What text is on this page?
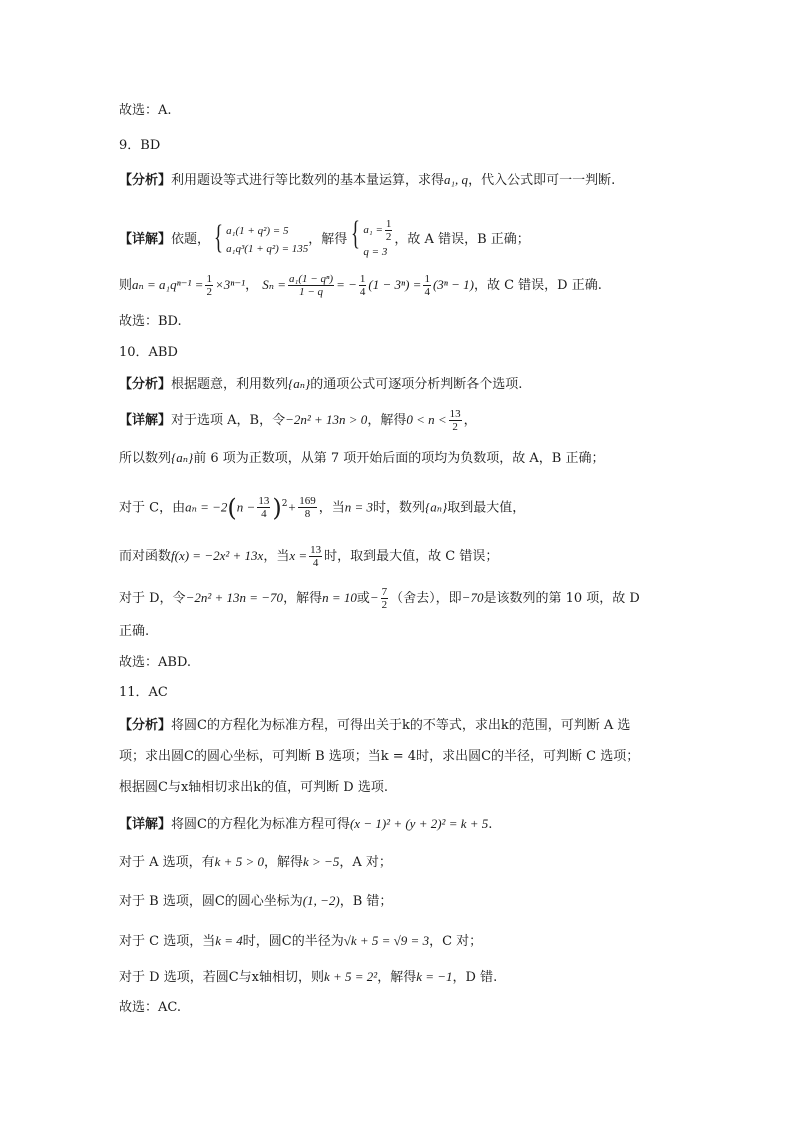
故选：A.
9．BD
【分析】利用题设等式进行等比数列的基本量运算，求得a₁, q，代入公式即可一一判断.
【详解】依题， { a₁(1 + q²) = 5
a₁q³(1 + q²) = 135
，解得 { $a_1 = \frac{1}{2}$
q = 3
，故 A 错误，B 正确；
则$a_n = a_1q^{n-1} = \frac{1}{2} \times 3^{n-1}$， $S_n = \frac{\text{a₁(1 − qⁿ)}}{1 - q}$ = − $\frac{1}{4} (1 - 3^n) = \frac{1}{4} (3^n - 1)$，故 C 错误，D 正确.
故选：BD.
10．ABD
【分析】根据题意，利用数列{aₙ}的通项公式可逐项分析判断各个选项.
【详解】对于选项 A，B，令−2n² + 13n > 0，解得$0 < n < \frac{13}{2}$ ，
所以数列{aₙ}前 6 项为正数项，从第 7 项开始后面的项均为负数项，故 A，B 正确；
对于 C，由$a_n = -2(n - \frac{13}{4} )^2+ \frac{169}{8}$ ，当n = 3时，数列{aₙ}取到最大值，
而对函数f(x) = −2x² + 13x，当$x = \frac{13}{4}$ 时，取到最大值，故 C 错误；
对于 D，令−2n² + 13n = −70，解得n = 10或− $\frac{7}{2}$ （舍去），即−70是该数列的第 10 项，故 D
正确.
故选：ABD.
11．AC
【分析】将圆C的方程化为标准方程，可得出关于k的不等式，求出k的范围，可判断 A 选
项；求出圆C的圆心坐标，可判断 B 选项；当k = 4时，求出圆C的半径，可判断 C 选项；
根据圆C与x轴相切求出k的值，可判断 D 选项.
【详解】将圆C的方程化为标准方程可得(x − 1)² + (y + 2)² = k + 5.
对于 A 选项，有k + 5 > 0，解得k > −5，A 对；
对于 B 选项，圆C的圆心坐标为(1, −2)，B 错；
对于 C 选项，当k = 4时，圆C的半径为√k + 5 = √9 = 3，C 对；
对于 D 选项，若圆C与x轴相切，则k + 5 = 2²，解得k = −1，D 错.
故选：AC.
